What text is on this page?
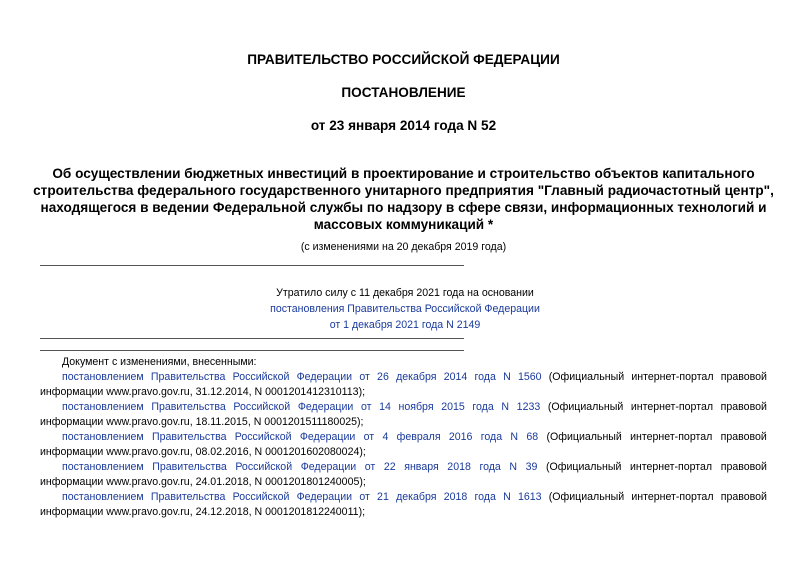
ПРАВИТЕЛЬСТВО РОССИЙСКОЙ ФЕДЕРАЦИИ
ПОСТАНОВЛЕНИЕ
от 23 января 2014 года N 52
Об осуществлении бюджетных инвестиций в проектирование и строительство объектов капитального
строительства федерального государственного унитарного предприятия "Главный радиочастотный центр",
находящегося в ведении Федеральной службы по надзору в сфере связи, информационных технологий и
массовых коммуникаций *
(с изменениями на 20 декабря 2019 года)
Утратило силу с 11 декабря 2021 года на основании
постановления Правительства Российской Федерации
от 1 декабря 2021 года N 2149
Документ с изменениями, внесенными:
постановлением Правительства Российской Федерации от 26 декабря 2014 года N 1560 (Официальный интернет-портал правовой
информации www.pravo.gov.ru, 31.12.2014, N 0001201412310113);
постановлением Правительства Российской Федерации от 14 ноября 2015 года N 1233 (Официальный интернет-портал правовой
информации www.pravo.gov.ru, 18.11.2015, N 0001201511180025);
постановлением Правительства Российской Федерации от 4 февраля 2016 года N 68 (Официальный интернет-портал правовой
информации www.pravo.gov.ru, 08.02.2016, N 0001201602080024);
постановлением Правительства Российской Федерации от 22 января 2018 года N 39 (Официальный интернет-портал правовой
информации www.pravo.gov.ru, 24.01.2018, N 0001201801240005);
постановлением Правительства Российской Федерации от 21 декабря 2018 года N 1613 (Официальный интернет-портал правовой
информации www.pravo.gov.ru, 24.12.2018, N 0001201812240011);
